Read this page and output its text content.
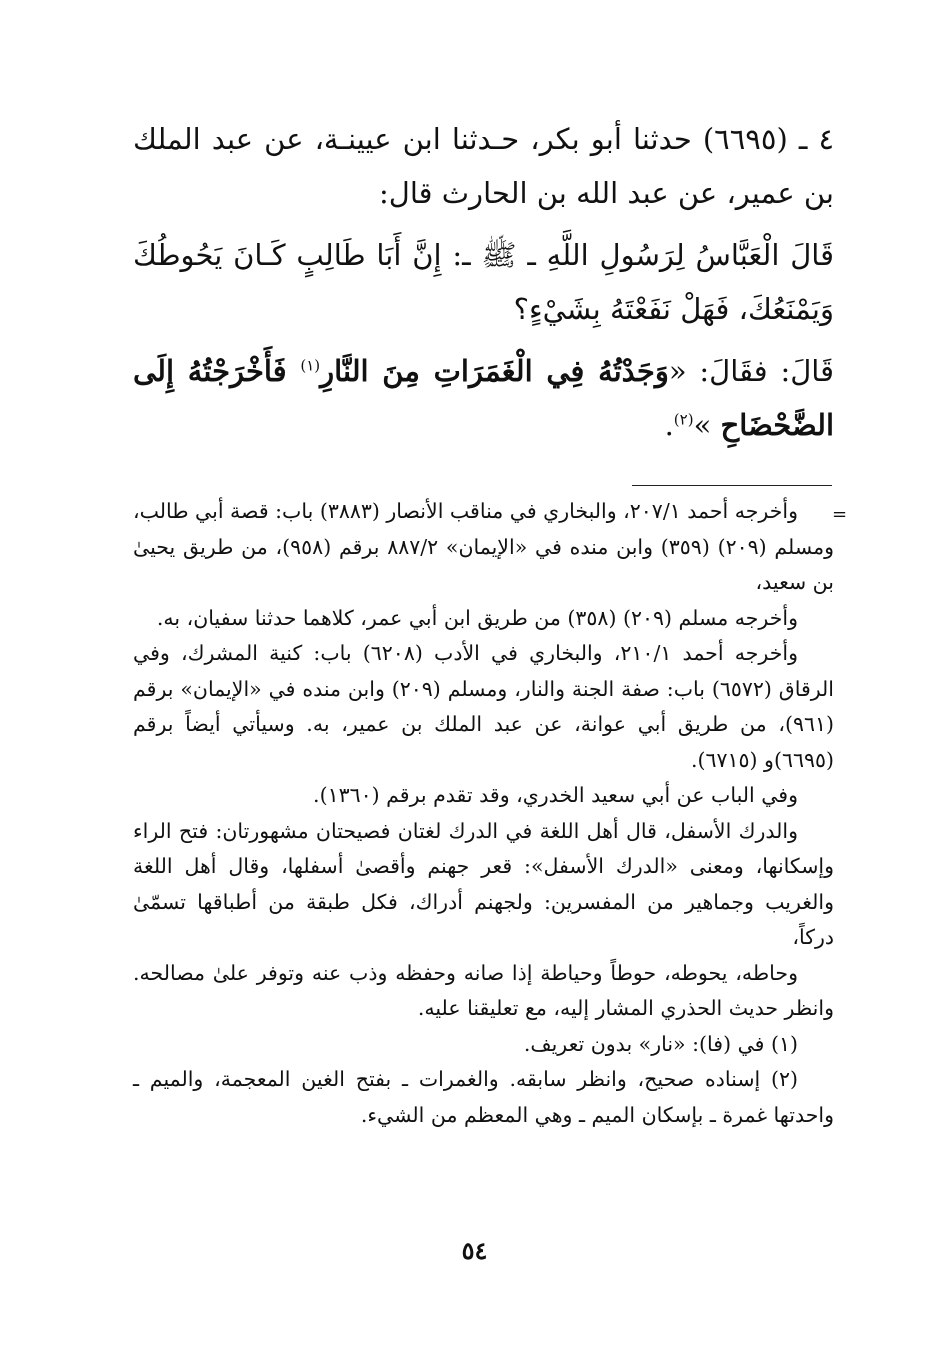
٤ ـ (٦٦٩٥) حدثنا أبو بكر، حـدثنا ابن عيينـة، عن عبد الملك بن عمير، عن عبد الله بن الحارث قال:

قَالَ الْعَبَّاسُ لِرَسُولِ اللَّهِ ـ ﷺ ـ: إِنَّ أَبَا طَالِبٍ كَـانَ يَحُوطُكَ وَيَمْنَعُكَ، فَهَلْ نَفَعْتَهُ بِشَيْءٍ؟

قَالَ: فقَالَ: «وَجَدْتُهُ فِي الْغَمَرَاتِ مِنَ النَّارِ$^{(١)}$ فَأَخْرَجْتُهُ إِلَى الضَّحْضَاحِ »$^{(٢)}$.

=

وأخرجه أحمد ٢٠٧/١، والبخاري في مناقب الأنصار (٣٨٨٣) باب: قصة أبي طالب، ومسلم (٢٠٩) (٣٥٩) وابن منده في «الإيمان» ٨٨٧/٢ برقم (٩٥٨)، من طريق يحيىٰ بن سعيد،

وأخرجه مسلم (٢٠٩) (٣٥٨) من طريق ابن أبي عمر، كلاهما حدثنا سفيان، به.

وأخرجه أحمد ٢١٠/١، والبخاري في الأدب (٦٢٠٨) باب: كنية المشرك، وفي الرقاق (٦٥٧٢) باب: صفة الجنة والنار، ومسلم (٢٠٩) وابن منده في «الإيمان» برقم (٩٦١)، من طريق أبي عوانة، عن عبد الملك بن عمير، به. وسيأتي أيضاً برقم (٦٦٩٥)و (٦٧١٥).

وفي الباب عن أبي سعيد الخدري، وقد تقدم برقم (١٣٦٠).

والدرك الأسفل، قال أهل اللغة في الدرك لغتان فصيحتان مشهورتان: فتح الراء وإسكانها، ومعنى «الدرك الأسفل»: قعر جهنم وأقصىٰ أسفلها، وقال أهل اللغة والغريب وجماهير من المفسرين: ولجهنم أدراك، فكل طبقة من أطباقها تسمّىٰ دركاً،

وحاطه، يحوطه، حوطاً وحياطة إذا صانه وحفظه وذب عنه وتوفر علىٰ مصالحه. وانظر حديث الحذري المشار إليه، مع تعليقنا عليه.

(١) في (فا): «نار» بدون تعريف.

(٢) إسناده صحيح، وانظر سابقه. والغمرات ـ بفتح الغين المعجمة، والميم ـ واحدتها غمرة ـ بإسكان الميم ـ وهي المعظم من الشيء.

٥٤
